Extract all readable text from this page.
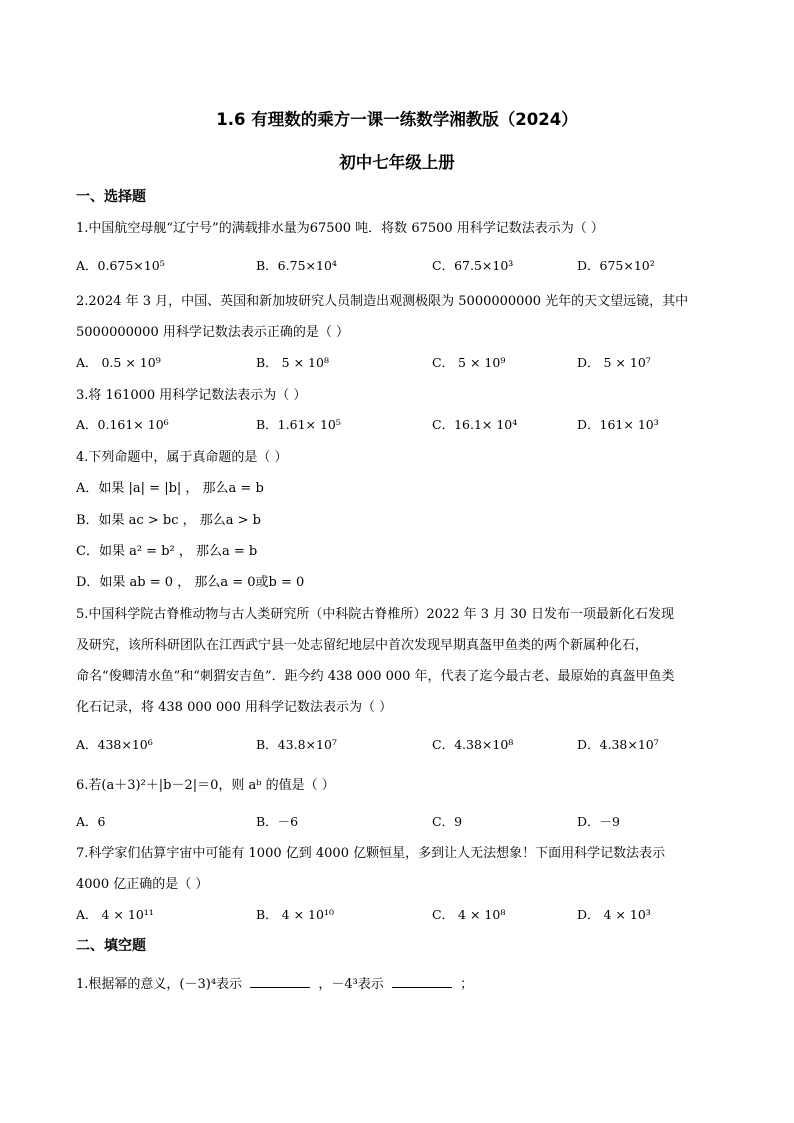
1.6 有理数的乘方一课一练数学湘教版（2024）
初中七年级上册
一、选择题
1.中国航空母舰“辽宁号”的满载排水量为67500 吨．将数 67500 用科学记数法表示为（ ）
A．0.675×10⁵	B．6.75×10⁴	C．67.5×10³	D．675×10²
2.2024 年 3 月，中国、英国和新加坡研究人员制造出观测极限为 5000000000 光年的天文望远镜，其中
5000000000 用科学记数法表示正确的是（ ）
A． 0.5 × 10⁹	B． 5 × 10⁸	C． 5 × 10⁹	D． 5 × 10⁷
3.将 161000 用科学记数法表示为（ ）
A．0.161× 10⁶	B．1.61× 10⁵	C．16.1× 10⁴	D．161× 10³
4.下列命题中，属于真命题的是（ ）
A．如果 |a| = |b| ， 那么a = b
B．如果 ac > bc ， 那么a > b
C．如果 a² = b² ， 那么a = b
D．如果 ab = 0 ， 那么a = 0或b = 0
5.中国科学院古脊椎动物与古人类研究所（中科院古脊椎所）2022 年 3 月 30 日发布一项最新化石发现
及研究，该所科研团队在江西武宁县一处志留纪地层中首次发现早期真盔甲鱼类的两个新属种化石，
命名“俊卿清水鱼”和“刺猬安吉鱼”．距今约 438 000 000 年，代表了迄今最古老、最原始的真盔甲鱼类
化石记录，将 438 000 000 用科学记数法表示为（ ）
A．438×10⁶	B．43.8×10⁷	C．4.38×10⁸	D．4.38×10⁷
6.若(a＋3)²＋|b－2|＝0，则 aᵇ 的值是（ ）
A．6	B．－6	C．9	D．－9
7.科学家们估算宇宙中可能有 1000 亿到 4000 亿颗恒星，多到让人无法想象！下面用科学记数法表示
4000 亿正确的是（ ）
A． 4 × 10¹¹	B． 4 × 10¹⁰	C． 4 × 10⁸	D． 4 × 10³
二、填空题
1.根据幂的意义，(－3)⁴表示	，－4³表示	；
